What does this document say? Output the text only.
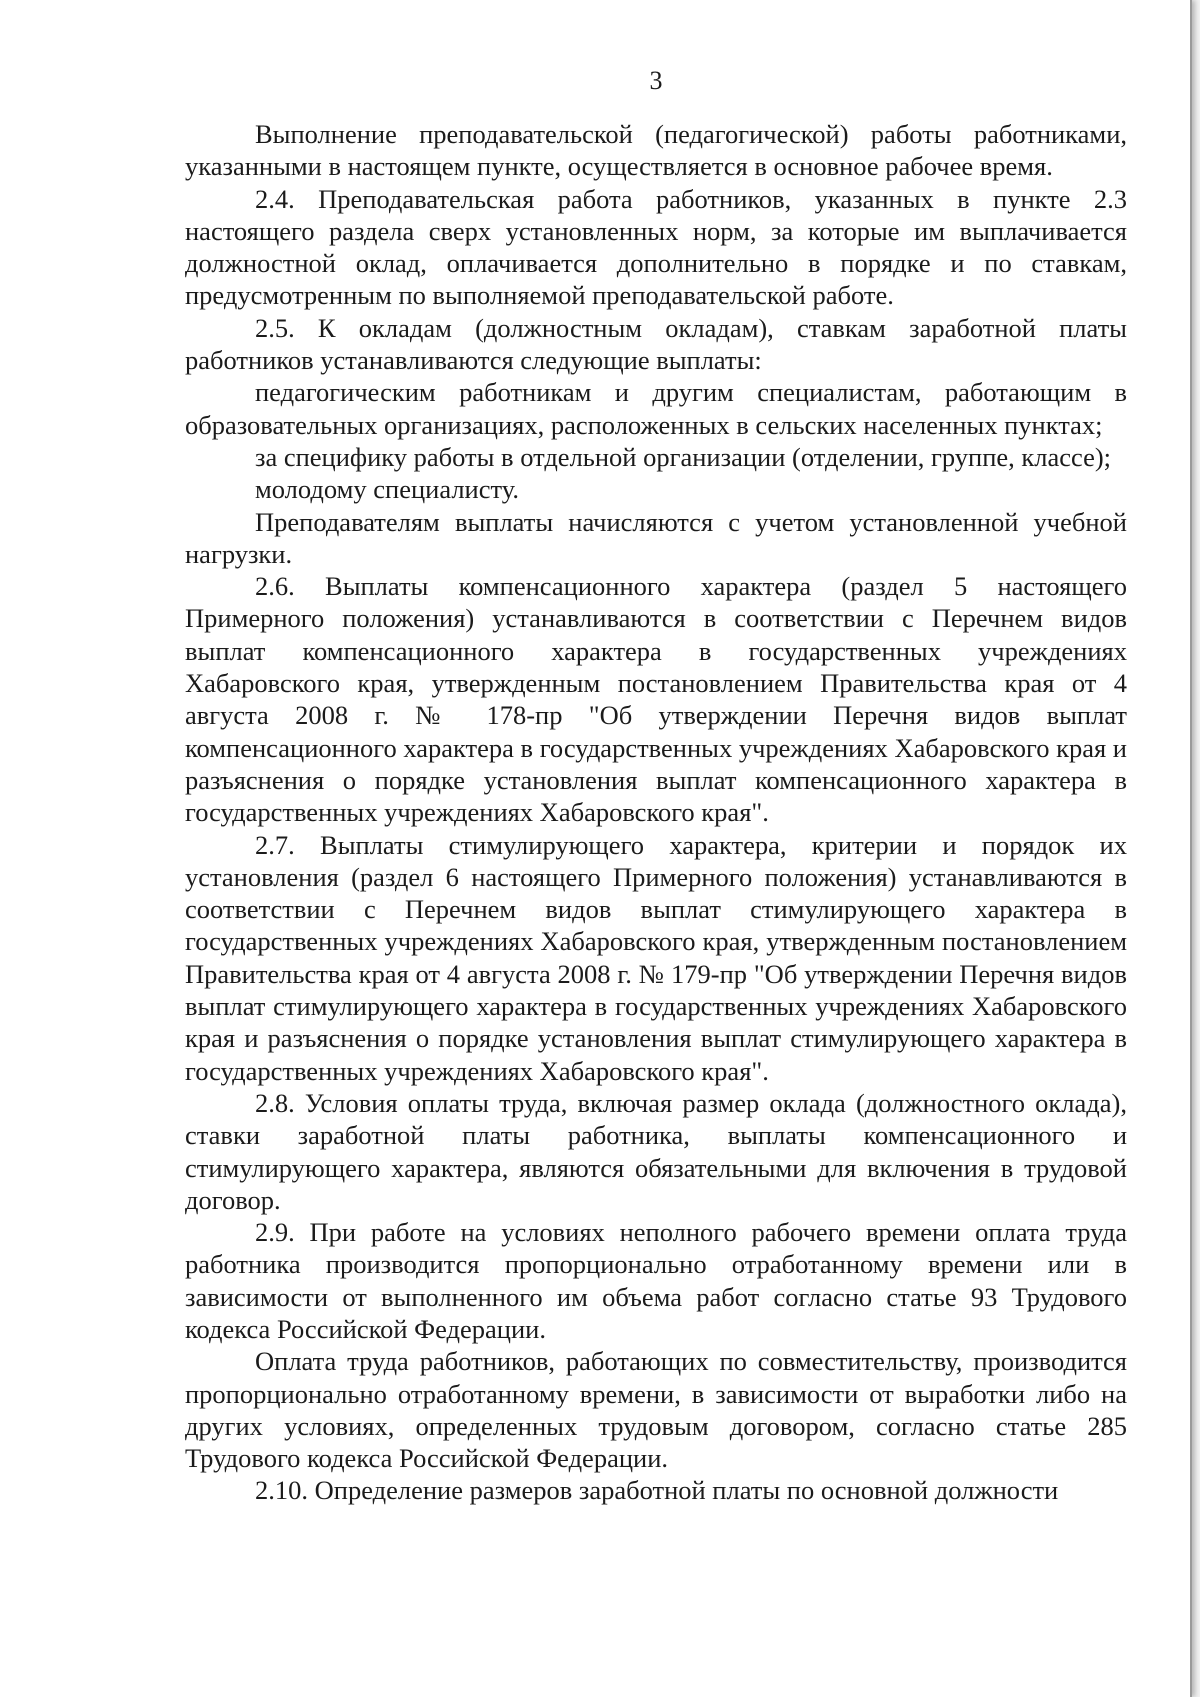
3

Выполнение преподавательской (педагогической) работы работниками, указанными в настоящем пункте, осуществляется в основное рабочее время.

2.4. Преподавательская работа работников, указанных в пункте 2.3 настоящего раздела сверх установленных норм, за которые им выплачивается должностной оклад, оплачивается дополнительно в порядке и по ставкам, предусмотренным по выполняемой преподавательской работе.

2.5. К окладам (должностным окладам), ставкам заработной платы работников устанавливаются следующие выплаты:

педагогическим работникам и другим специалистам, работающим в образовательных организациях, расположенных в сельских населенных пунктах;

за специфику работы в отдельной организации (отделении, группе, классе);

молодому специалисту.

Преподавателям выплаты начисляются с учетом установленной учебной нагрузки.

2.6. Выплаты компенсационного характера (раздел 5 настоящего Примерного положения) устанавливаются в соответствии с Перечнем видов выплат компенсационного характера в государственных учреждениях Хабаровского края, утвержденным постановлением Правительства края от 4 августа 2008 г. № 178-пр "Об утверждении Перечня видов выплат компенсационного характера в государственных учреждениях Хабаровского края и разъяснения о порядке установления выплат компенсационного характера в государственных учреждениях Хабаровского края".

2.7. Выплаты стимулирующего характера, критерии и порядок их установления (раздел 6 настоящего Примерного положения) устанавливаются в соответствии с Перечнем видов выплат стимулирующего характера в государственных учреждениях Хабаровского края, утвержденным постановлением Правительства края от 4 августа 2008 г. № 179-пр "Об утверждении Перечня видов выплат стимулирующего характера в государственных учреждениях Хабаровского края и разъяснения о порядке установления выплат стимулирующего характера в государственных учреждениях Хабаровского края".

2.8. Условия оплаты труда, включая размер оклада (должностного оклада), ставки заработной платы работника, выплаты компенсационного и стимулирующего характера, являются обязательными для включения в трудовой договор.

2.9. При работе на условиях неполного рабочего времени оплата труда работника производится пропорционально отработанному времени или в зависимости от выполненного им объема работ согласно статье 93 Трудового кодекса Российской Федерации.

Оплата труда работников, работающих по совместительству, производится пропорционально отработанному времени, в зависимости от выработки либо на других условиях, определенных трудовым договором, согласно статье 285 Трудового кодекса Российской Федерации.

2.10. Определение размеров заработной платы по основной должности
